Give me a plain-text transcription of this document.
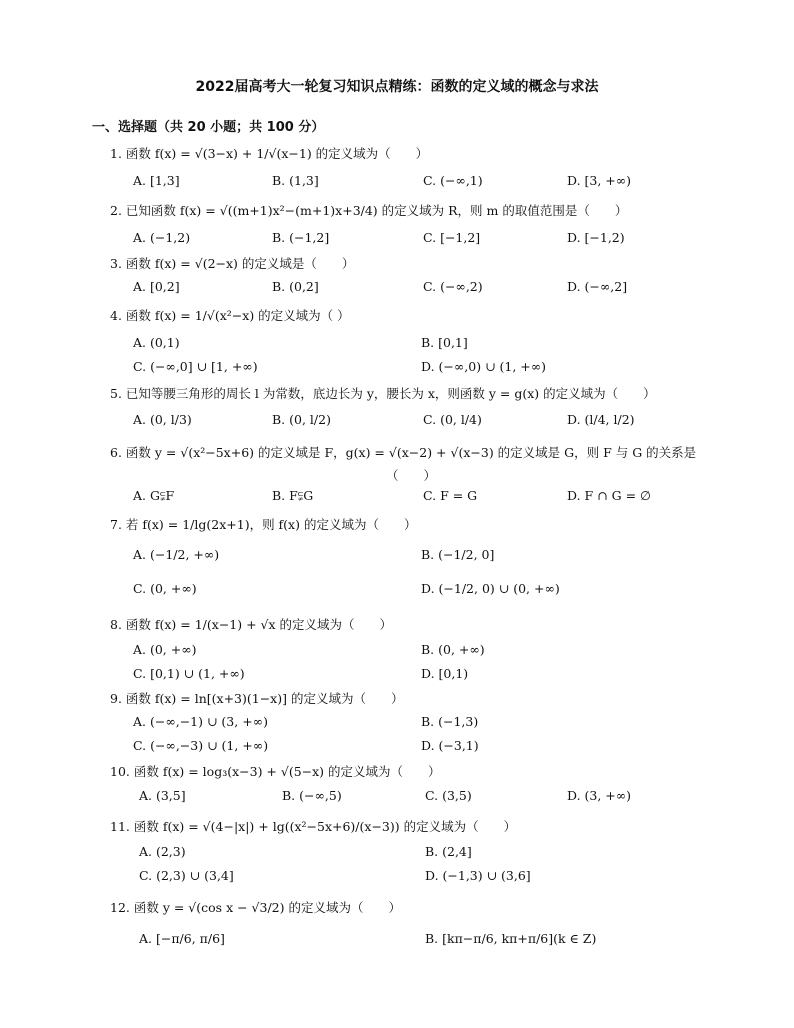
2022届高考大一轮复习知识点精练：函数的定义域的概念与求法
一、选择题（共 20 小题；共 100 分）
1. 函数 f(x) = √(3−x) + 1/√(x−1) 的定义域为（　　）
A. [1,3]	B. (1,3]	C. (−∞,1)	D. [3, +∞)
2. 已知函数 f(x) = √((m+1)x²−(m+1)x+3/4) 的定义域为 R，则 m 的取值范围是（　　）
A. (−1,2)	B. (−1,2]	C. [−1,2]	D. [−1,2)
3. 函数 f(x) = √(2−x) 的定义域是（　　）
A. [0,2]	B. (0,2]	C. (−∞,2)	D. (−∞,2]
4. 函数 f(x) = 1/√(x²−x) 的定义域为（ ）
A. (0,1)	B. [0,1]
C. (−∞,0] ∪ [1, +∞)	D. (−∞,0) ∪ (1, +∞)
5. 已知等腰三角形的周长 l 为常数，底边长为 y，腰长为 x，则函数 y = g(x) 的定义域为（　　）
A. (0, l/3)	B. (0, l/2)	C. (0, l/4)	D. (l/4, l/2)
6. 函数 y = √(x²−5x+6) 的定义域是 F，g(x) = √(x−2) + √(x−3) 的定义域是 G，则 F 与 G 的关系是
（　　）
A. G⫋F	B. F⫋G	C. F = G	D. F ∩ G = ∅
7. 若 f(x) = 1/lg(2x+1)，则 f(x) 的定义域为（　　）
A. (−1/2, +∞)	B. (−1/2, 0]
C. (0, +∞)	D. (−1/2, 0) ∪ (0, +∞)
8. 函数 f(x) = 1/(x−1) + √x 的定义域为（　　）
A. (0, +∞)	B. (0, +∞)
C. [0,1) ∪ (1, +∞)	D. [0,1)
9. 函数 f(x) = ln[(x+3)(1−x)] 的定义域为（　　）
A. (−∞,−1) ∪ (3, +∞)	B. (−1,3)
C. (−∞,−3) ∪ (1, +∞)	D. (−3,1)
10. 函数 f(x) = log₃(x−3) + √(5−x) 的定义域为（　　）
A. (3,5]	B. (−∞,5)	C. (3,5)	D. (3, +∞)
11. 函数 f(x) = √(4−|x|) + lg((x²−5x+6)/(x−3)) 的定义域为（　　）
A. (2,3)	B. (2,4]
C. (2,3) ∪ (3,4]	D. (−1,3) ∪ (3,6]
12. 函数 y = √(cos x − √3/2) 的定义域为（　　）
A. [−π/6, π/6]	B. [kπ−π/6, kπ+π/6](k ∈ Z)
